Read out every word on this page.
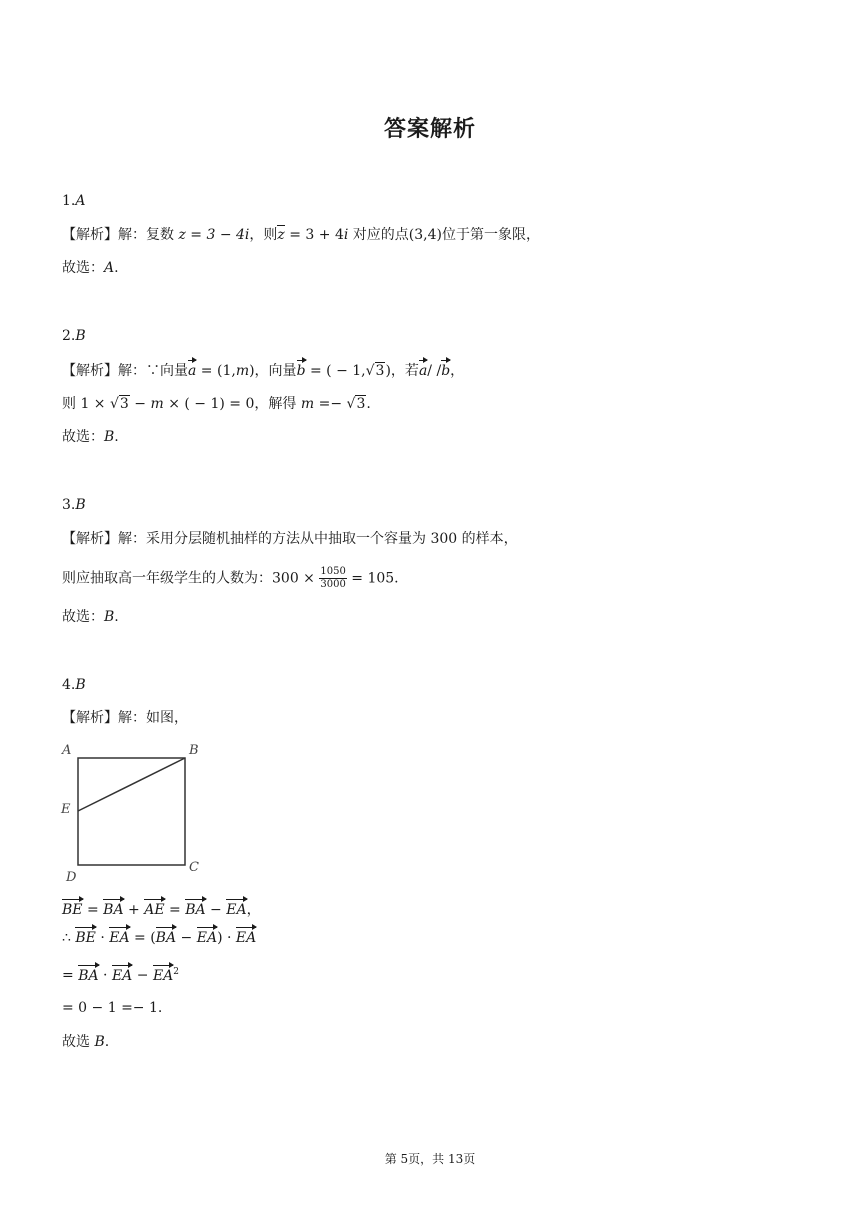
答案解析
1.A
【解析】解：复数 z = 3 − 4i，则z = 3 + 4i 对应的点(3,4)位于第一象限，
故选：A.
2.B
【解析】解：∵向量a = (1,m)，向量b = ( − 1,√3)，若a/ /b，
则 1 × √3 − m × ( − 1) = 0，解得 m =− √3.
故选：B.
3.B
【解析】解：采用分层随机抽样的方法从中抽取一个容量为 300 的样本，
则应抽取高一年级学生的人数为：$300 \times \frac{1050}{3000} = 105$.
故选：B.
4.B
【解析】解：如图，
A	B
C
D
E
BE = BA + AE = BA − EA，
∴ BE · EA = (BA − EA) · EA
= BA · EA − $EA^2$
= 0 − 1 =− 1.
故选 B.
第 5页，共 13页
